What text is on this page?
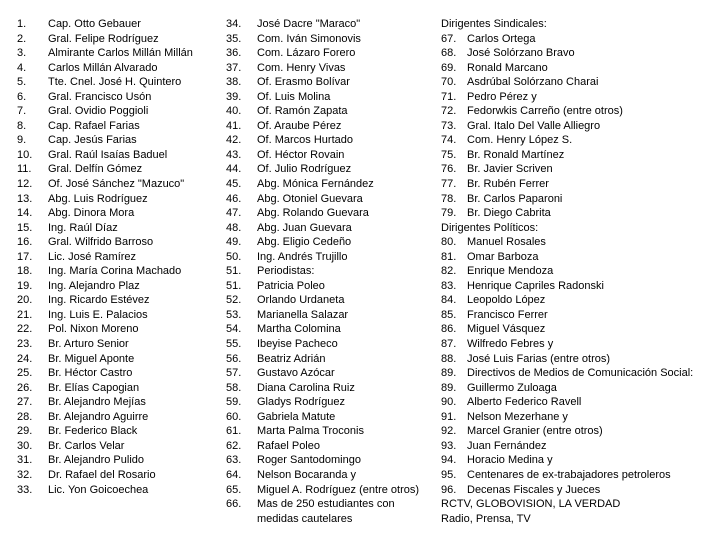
1.	Cap. Otto Gebauer
2.	Gral. Felipe Rodríguez
3.	Almirante Carlos Millán Millán
4.	Carlos Millán Alvarado
5.	Tte. Cnel. José H. Quintero
6.	Gral. Francisco Usón
7.	Gral. Ovidio Poggioli
8.	Cap. Rafael Farias
9.	Cap. Jesús Farias
10.	Gral. Raúl Isaías Baduel
11.	Gral. Delfín Gómez
12.	Of. José Sánchez "Mazuco"
13.	Abg. Luis Rodríguez
14.	Abg. Dinora Mora
15.	Ing. Raúl Díaz
16.	Gral. Wilfrido Barroso
17.	Lic. José Ramírez
18.	Ing. María Corina Machado
19.	Ing. Alejandro Plaz
20.	Ing. Ricardo Estévez
21.	Ing. Luis E. Palacios
22.	Pol. Nixon Moreno
23.	Br. Arturo Senior
24.	Br. Miguel Aponte
25.	Br. Héctor Castro
26.	Br. Elías Capogian
27.	Br. Alejandro Mejías
28.	Br. Alejandro Aguirre
29.	Br. Federico Black
30.	Br. Carlos Velar
31.	Br. Alejandro Pulido
32.	Dr. Rafael del Rosario
33.	Lic. Yon Goicoechea
34.	José Dacre "Maraco"
35.	Com. Iván Simonovis
36.	Com. Lázaro Forero
37.	Com. Henry Vivas
38.	Of. Erasmo Bolívar
39.	Of. Luis Molina
40.	Of. Ramón Zapata
41.	Of. Araube Pérez
42.	Of. Marcos Hurtado
43.	Of. Héctor Rovain
44.	Of. Julio Rodríguez
45.	Abg. Mónica Fernández
46.	Abg. Otoniel Guevara
47.	Abg. Rolando Guevara
48.	Abg. Juan Guevara
49.	Abg. Eligio Cedeño
50.	Ing. Andrés Trujillo
51.	Periodistas:
51.	Patricia Poleo
52.	Orlando Urdaneta
53.	Marianella Salazar
54.	Martha Colomina
55.	Ibeyise Pacheco
56.	Beatriz Adrián
57.	Gustavo Azócar
58.	Diana Carolina Ruiz
59.	Gladys Rodríguez
60.	Gabriela Matute
61.	Marta Palma Troconis
62.	Rafael Poleo
63.	Roger Santodomingo
64.	Nelson Bocaranda y
65.	Miguel A. Rodríguez (entre otros)
66.	Mas de 250 estudiantes con
medidas cautelares
Dirigentes Sindicales:
67. Carlos Ortega
68. José Solórzano Bravo
69. Ronald Marcano
70. Asdrúbal Solórzano Charai
71. Pedro Pérez y
72. Fedorwkis Carreño (entre otros)
73. Gral. Italo Del Valle Alliegro
74. Com. Henry López S.
75. Br. Ronald Martínez
76. Br. Javier Scriven
77. Br. Rubén Ferrer
78. Br. Carlos Paparoni
79. Br. Diego Cabrita
Dirigentes Políticos:
80. Manuel Rosales
81. Omar Barboza
82. Enrique Mendoza
83. Henrique Capriles Radonski
84. Leopoldo López
85. Francisco Ferrer
86. Miguel Vásquez
87. Wilfredo Febres y
88. José Luis Farias (entre otros)
89. Directivos de Medios de Comunicación Social:
89. Guillermo Zuloaga
90. Alberto Federico Ravell
91. Nelson Mezerhane y
92. Marcel Granier (entre otros)
93. Juan Fernández
94. Horacio Medina y
95. Centenares de ex-trabajadores petroleros
96. Decenas Fiscales y Jueces
RCTV, GLOBOVISION, LA VERDAD
Radio, Prensa, TV
